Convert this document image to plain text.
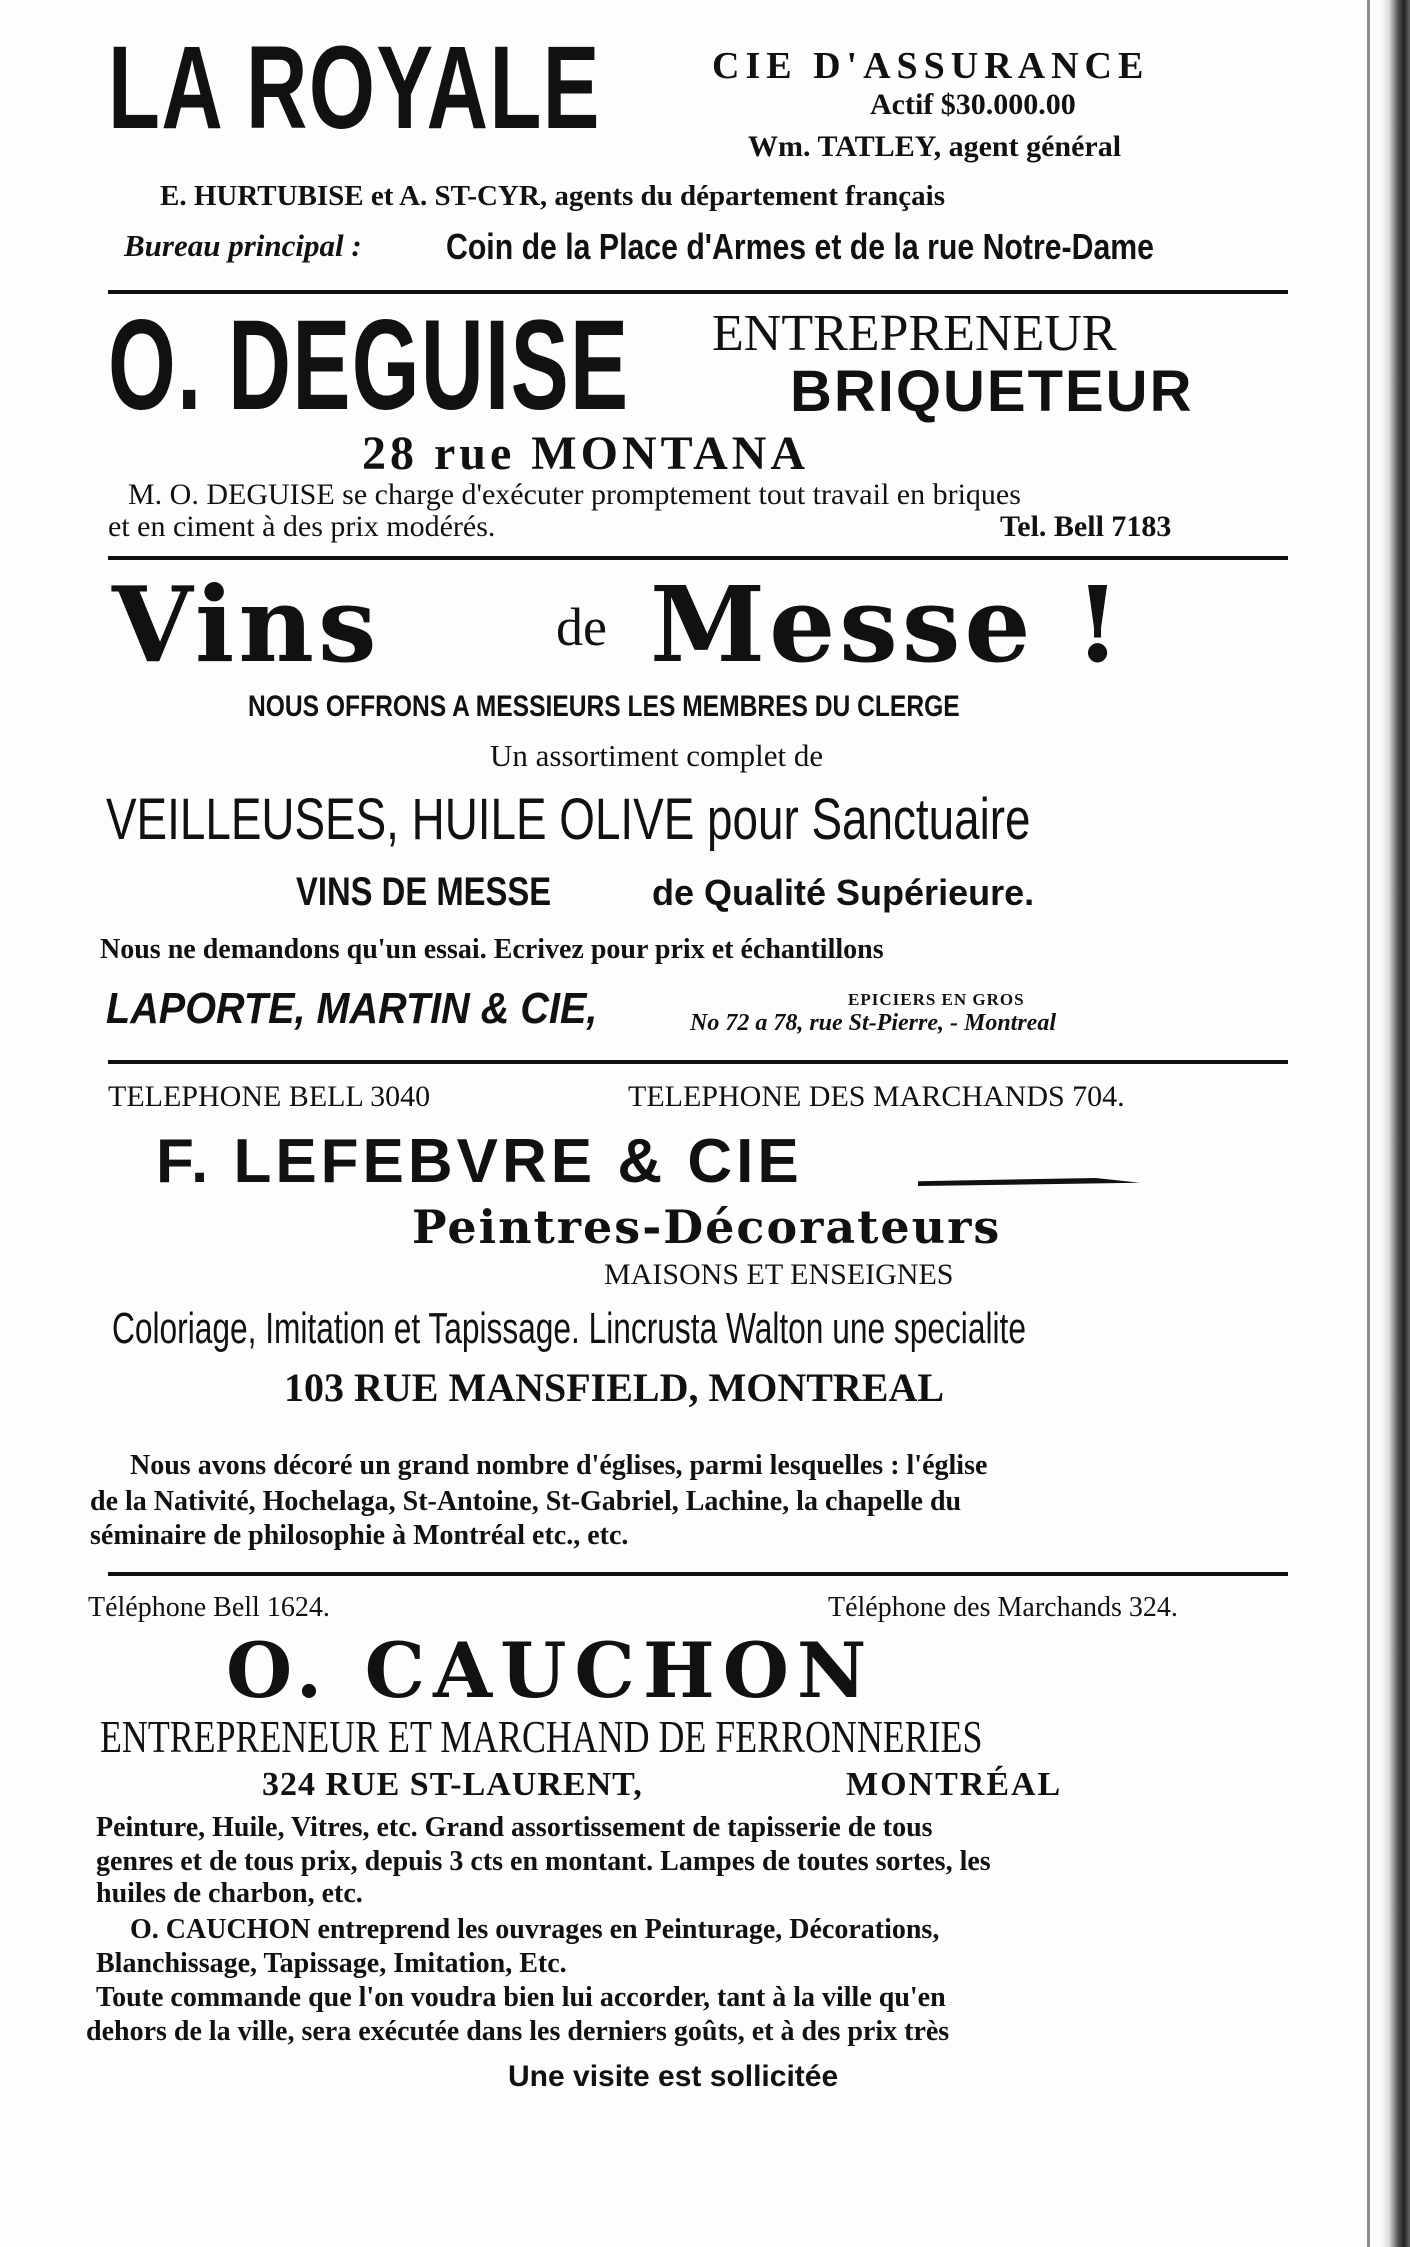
LA ROYALE	CIE D'ASSURANCE
Actif $30.000.00
Wm. TATLEY, agent général
E. HURTUBISE et A. ST-CYR, agents du département français
Bureau principal : Coin de la Place d'Armes et de la rue Notre-Dame
O. DEGUISE ENTREPRENEUR
BRIQUETEUR
28 rue MONTANA
M. O. DEGUISE se charge d'exécuter promptement tout travail en briques
et en ciment à des prix modérés.	Tel. Bell 7183
Vins	de Messe !
NOUS OFFRONS A MESSIEURS LES MEMBRES DU CLERGE
Un assortiment complet de
VEILLEUSES, HUILE OLIVE pour Sanctuaire
VINS DE MESSE	de Qualité Supérieure.
Nous ne demandons qu'un essai. Ecrivez pour prix et échantillons
LAPORTE, MARTIN & CIE,	EPICIERS EN GROS
No 72 a 78, rue St-Pierre, - Montreal
TELEPHONE BELL 3040	TELEPHONE DES MARCHANDS 704.
F. LEFEBVRE & CIE
Peintres-Décorateurs
MAISONS ET ENSEIGNES
Coloriage, Imitation et Tapissage. Lincrusta Walton une specialite
103 RUE MANSFIELD, MONTREAL
Nous avons décoré un grand nombre d'églises, parmi lesquelles : l'église
de la Nativité, Hochelaga, St-Antoine, St-Gabriel, Lachine, la chapelle du
séminaire de philosophie à Montréal etc., etc.
Téléphone Bell 1624.	Téléphone des Marchands 324.
O. CAUCHON
ENTREPRENEUR ET MARCHAND DE FERRONNERIES
324 RUE ST-LAURENT,	MONTRÉAL
Peinture, Huile, Vitres, etc. Grand assortissement de tapisserie de tous
genres et de tous prix, depuis 3 cts en montant. Lampes de toutes sortes, les
huiles de charbon, etc.
O. CAUCHON entreprend les ouvrages en Peinturage, Décorations,
Blanchissage, Tapissage, Imitation, Etc.
Toute commande que l'on voudra bien lui accorder, tant à la ville qu'en
dehors de la ville, sera exécutée dans les derniers goûts, et à des prix très
Une visite est sollicitée
